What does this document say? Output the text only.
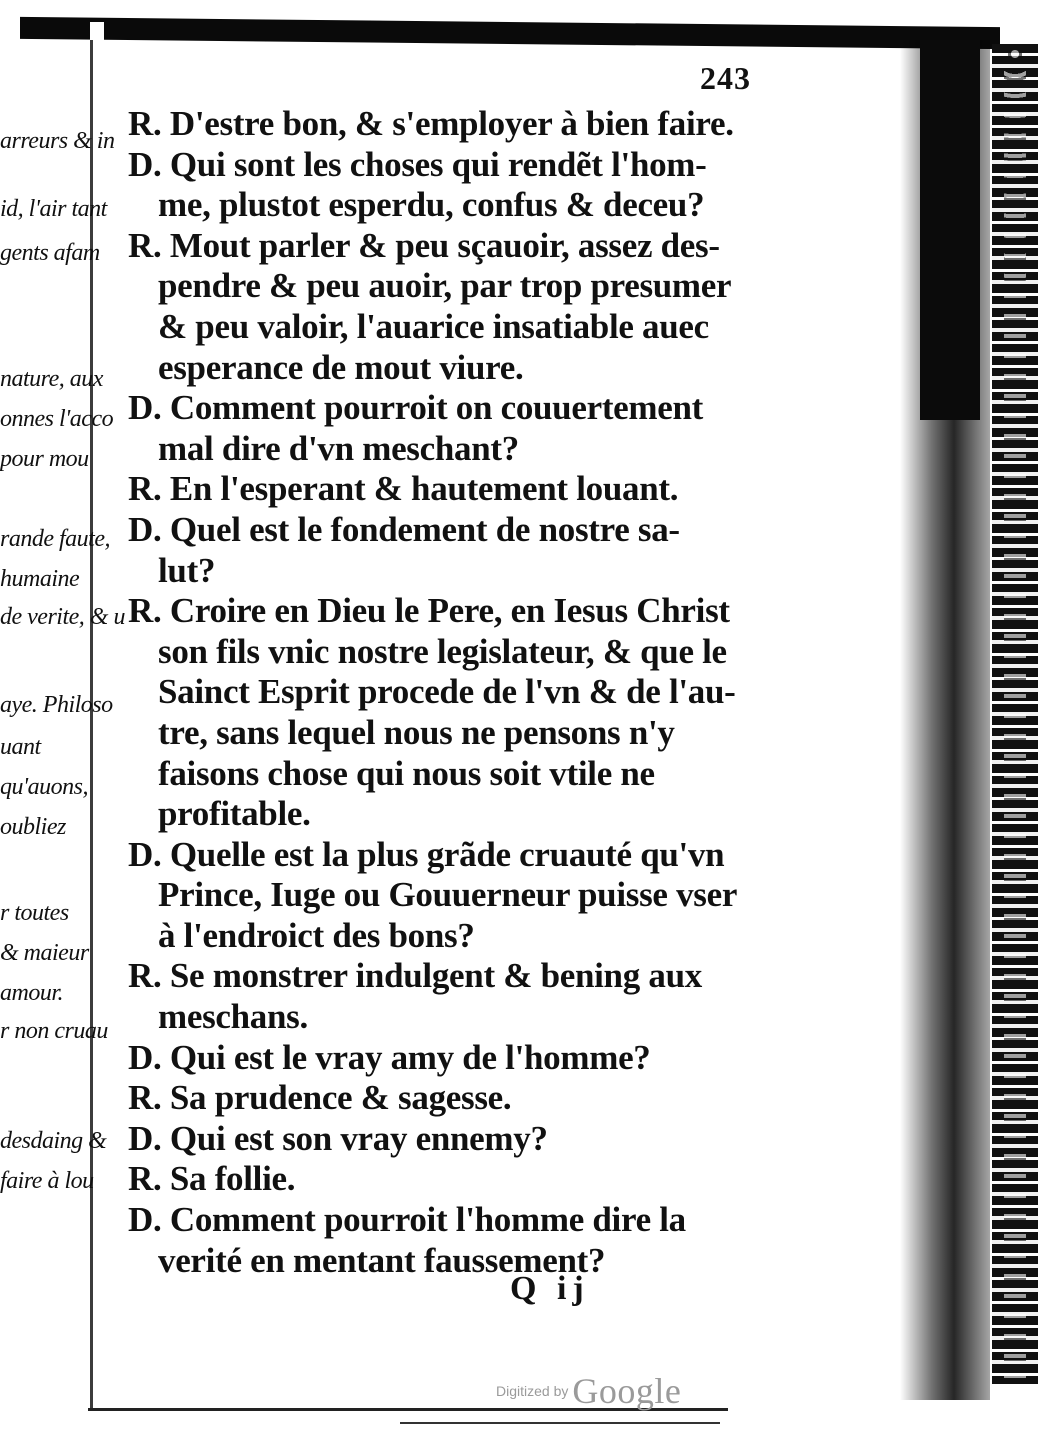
arreurs & in
id, l'air tant
gents afam
nature, aux
onnes l'acco
pour mou
rande faute,
humaine
de verite, & u
aye. Philoso
uant
qu'auons,
oubliez
r toutes
& maieur
amour.
r non cruau
desdaing &
faire à lou
243
R. D'estre bon, & s'employer à bien faire.
D. Qui sont les choses qui rendẽt l'hom-
me, plustot esperdu, confus & deceu?
R. Mout parler & peu sçauoir, assez des-
pendre & peu auoir, par trop presumer
& peu valoir, l'auarice insatiable auec
esperance de mout viure.
D. Comment pourroit on couuertement
mal dire d'vn meschant?
R. En l'esperant & hautement louant.
D. Quel est le fondement de nostre sa-
lut?
R. Croire en Dieu le Pere, en Iesus Christ
son fils vnic nostre legislateur, & que le
Sainct Esprit procede de l'vn & de l'au-
tre, sans lequel nous ne pensons n'y
faisons chose qui nous soit vtile ne
profitable.
D. Quelle est la plus grãde cruauté qu'vn
Prince, Iuge ou Gouuerneur puisse vser
à l'endroict des bons?
R. Se monstrer indulgent & bening aux
meschans.
D. Qui est le vray amy de l'homme?
R. Sa prudence & sagesse.
D. Qui est son vray ennemy?
R. Sa follie.
D. Comment pourroit l'homme dire la
verité en mentant faussement?
Q ij
Digitized by Google
